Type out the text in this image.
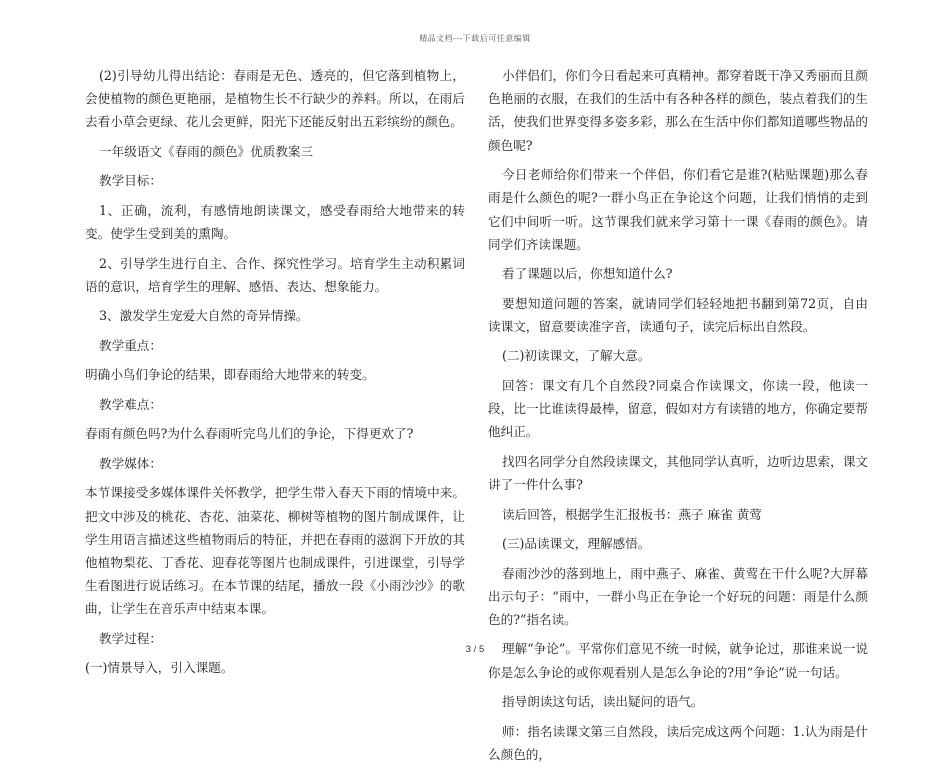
精品文档---下载后可任意编辑

(2)引导幼儿得出结论：春雨是无色、透亮的，但它落到植物上，会使植物的颜色更艳丽，是植物生长不行缺少的养料。所以，在雨后去看小草会更绿、花儿会更鲜，阳光下还能反射出五彩缤纷的颜色。

一年级语文《春雨的颜色》优质教案三

教学目标：

1、正确，流利，有感情地朗读课文，感受春雨给大地带来的转变。使学生受到美的熏陶。

2、引导学生进行自主、合作、探究性学习。培育学生主动积累词语的意识，培育学生的理解、感悟、表达、想象能力。

3、激发学生宠爱大自然的奇异情操。

教学重点：

明确小鸟们争论的结果，即春雨给大地带来的转变。

教学难点：

春雨有颜色吗?为什么春雨听完鸟儿们的争论，下得更欢了?

教学媒体：

本节课接受多媒体课件关怀教学，把学生带入春天下雨的情境中来。把文中涉及的桃花、杏花、油菜花、柳树等植物的图片制成课件，让学生用语言描述这些植物雨后的特征，并把在春雨的滋润下开放的其他植物梨花、丁香花、迎春花等图片也制成课件，引进课堂，引导学生看图进行说话练习。在本节课的结尾，播放一段《小雨沙沙》的歌曲，让学生在音乐声中结束本课。

教学过程：

(一)情景导入，引入课题。

小伴侣们，你们今日看起来可真精神。都穿着既干净又秀丽而且颜色艳丽的衣服，在我们的生活中有各种各样的颜色，装点着我们的生活，使我们世界变得多姿多彩，那么在生活中你们都知道哪些物品的颜色呢?

今日老师给你们带来一个伴侣，你们看它是谁?(粘贴课题)那么春雨是什么颜色的呢?一群小鸟正在争论这个问题，让我们悄悄的走到它们中间听一听。这节课我们就来学习第十一课《春雨的颜色》。请同学们齐读课题。

看了课题以后，你想知道什么?

要想知道问题的答案，就请同学们轻轻地把书翻到第72页，自由读课文，留意要读准字音，读通句子，读完后标出自然段。

(二)初读课文，了解大意。

回答：课文有几个自然段?同桌合作读课文，你读一段，他读一段，比一比谁读得最棒，留意，假如对方有读错的地方，你确定要帮他纠正。

找四名同学分自然段读课文，其他同学认真听，边听边思索，课文讲了一件什么事?

读后回答，根据学生汇报板书：燕子 麻雀 黄莺

(三)品读课文，理解感悟。

春雨沙沙的落到地上，雨中燕子、麻雀、黄莺在干什么呢?大屏幕出示句子：“雨中，一群小鸟正在争论一个好玩的问题：雨是什么颜色的?”指名读。

理解“争论”。平常你们意见不统一时候，就争论过，那谁来说一说你是怎么争论的或你观看别人是怎么争论的?用“争论”说一句话。

指导朗读这句话，读出疑问的语气。

师：指名读课文第三自然段，读后完成这两个问题：1.认为雨是什么颜色的，

3 / 5
